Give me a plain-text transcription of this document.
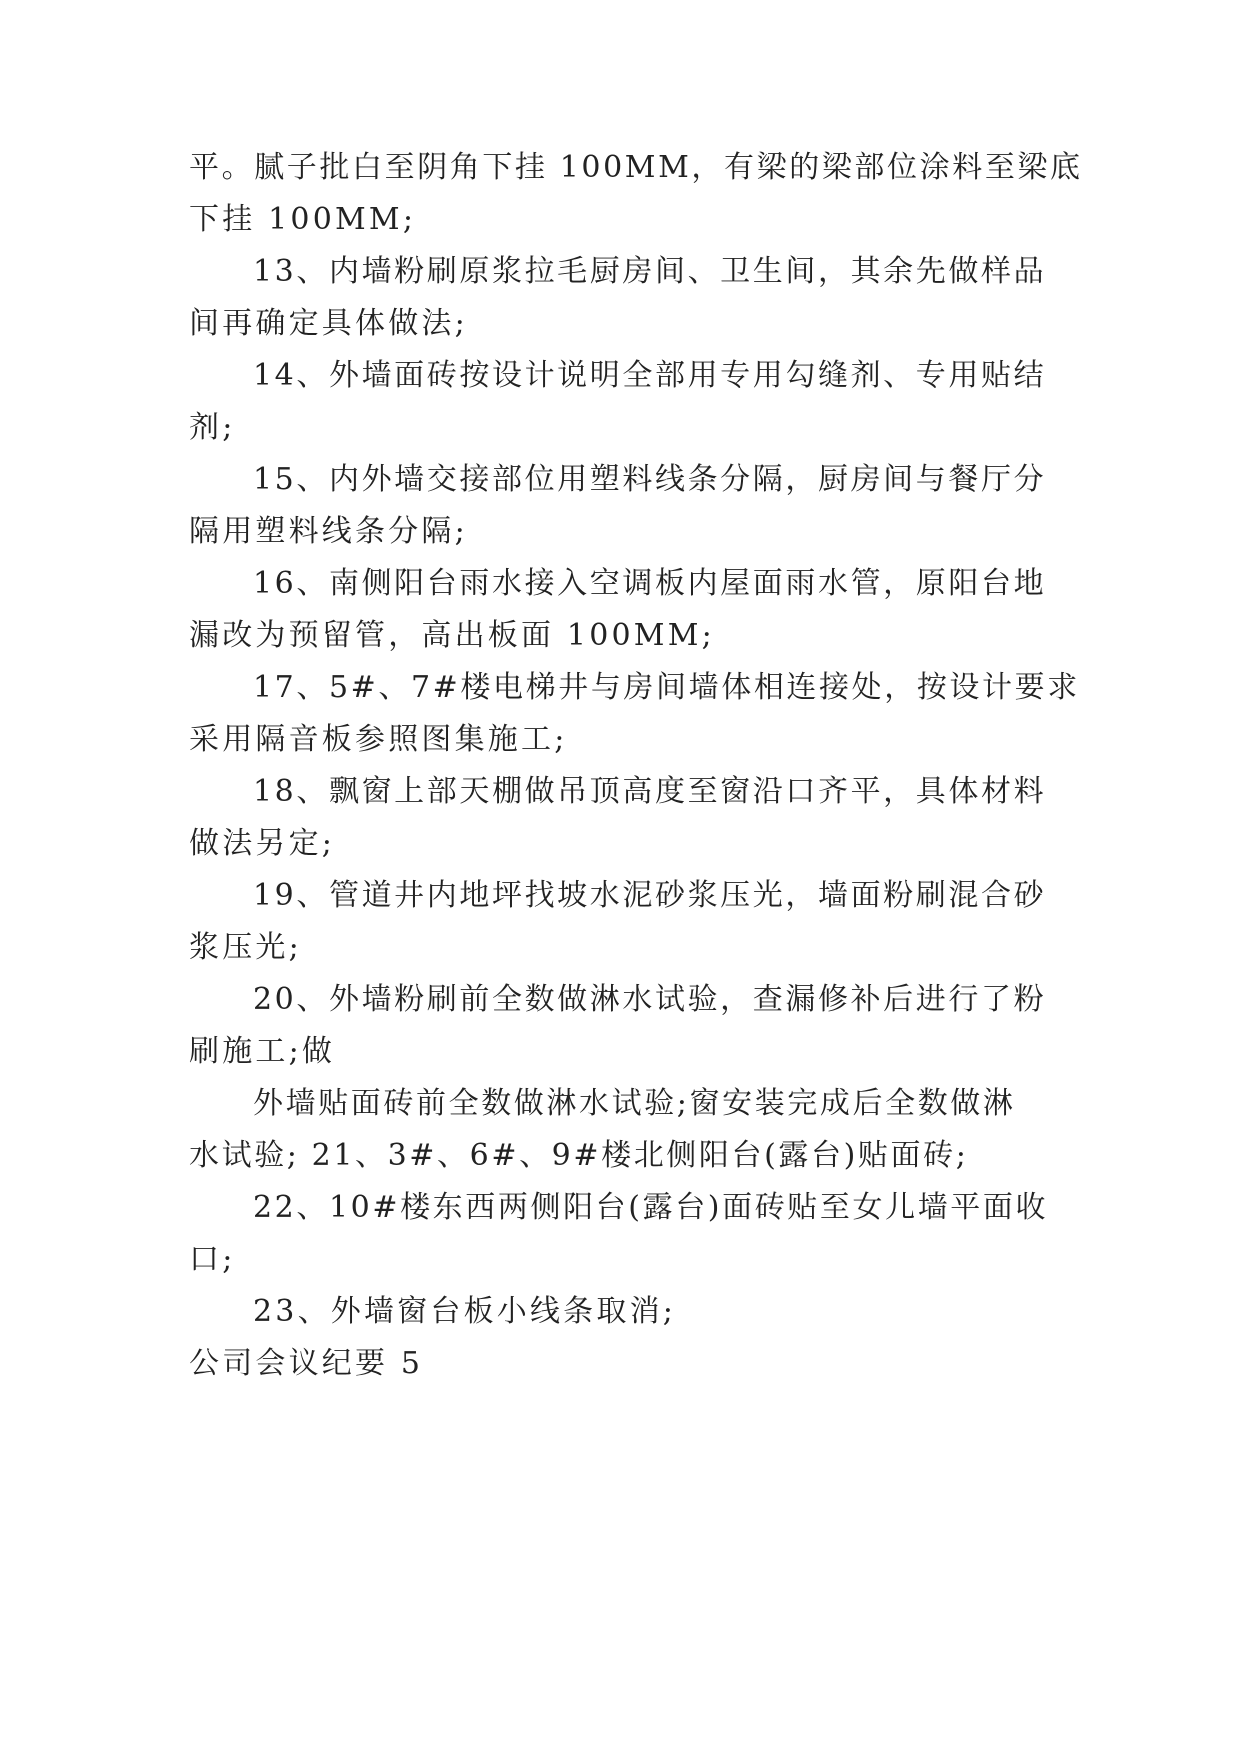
平。腻子批白至阴角下挂 100MM，有梁的梁部位涂料至梁底
下挂 100MM;
13、内墙粉刷原浆拉毛厨房间、卫生间，其余先做样品
间再确定具体做法;
14、外墙面砖按设计说明全部用专用勾缝剂、专用贴结
剂;
15、内外墙交接部位用塑料线条分隔，厨房间与餐厅分
隔用塑料线条分隔;
16、南侧阳台雨水接入空调板内屋面雨水管，原阳台地
漏改为预留管，高出板面 100MM;
17、5#、7#楼电梯井与房间墙体相连接处，按设计要求
采用隔音板参照图集施工;
18、飘窗上部天棚做吊顶高度至窗沿口齐平，具体材料
做法另定;
19、管道井内地坪找坡水泥砂浆压光，墙面粉刷混合砂
浆压光;
20、外墙粉刷前全数做淋水试验，查漏修补后进行了粉
刷施工;做
外墙贴面砖前全数做淋水试验;窗安装完成后全数做淋
水试验; 21、3#、6#、9#楼北侧阳台(露台)贴面砖;
22、10#楼东西两侧阳台(露台)面砖贴至女儿墙平面收
口;
23、外墙窗台板小线条取消;
公司会议纪要 5
